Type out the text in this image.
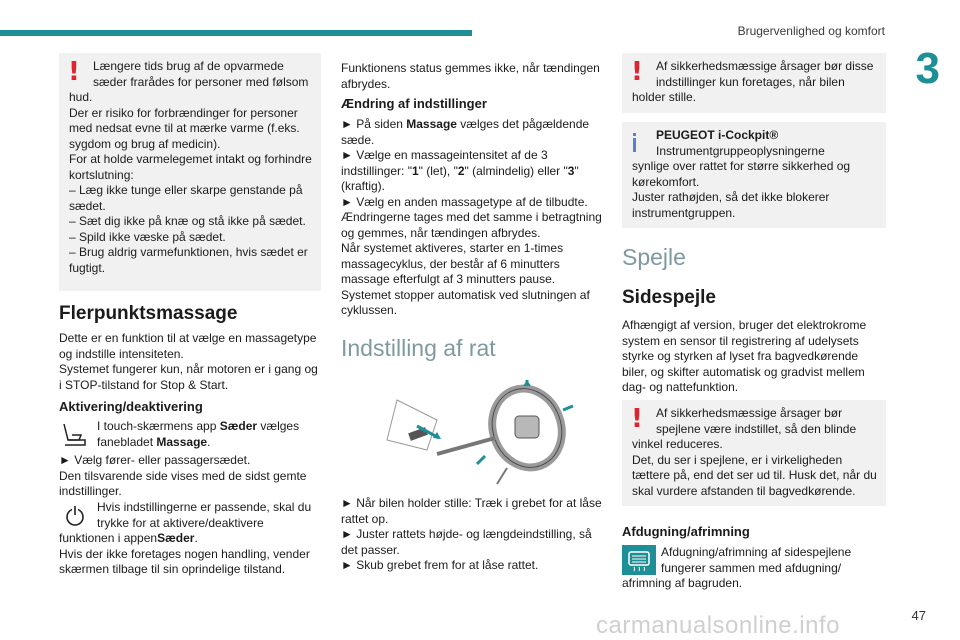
Brugervenlighed og komfort
3
!	Længere tids brug af de opvarmede sæder frarådes for personer med følsom

hud.

Der er risiko for forbrændinger for personer med nedsat evne til at mærke varme (f.eks. sygdom og brug af medicin).

For at holde varmelegemet intakt og forhindre kortslutning:

– Læg ikke tunge eller skarpe genstande på sædet.

– Sæt dig ikke på knæ og stå ikke på sædet.

– Spild ikke væske på sædet.

– Brug aldrig varmefunktionen, hvis sædet er fugtigt.

Flerpunktsmassage

Dette er en funktion til at vælge en massagetype og indstille intensiteten.

Systemet fungerer kun, når motoren er i gang og i STOP-tilstand for Stop & Start.

Aktivering/deaktivering
I touch-skærmens app Sæder vælges fanebladet Massage.

► Vælg fører- eller passagersædet.

Den tilsvarende side vises med de sidst gemte indstillinger.

Hvis indstillingerne er passende, skal du trykke for at aktivere/deaktivere funktionen i appenSæder.

Hvis der ikke foretages nogen handling, vender skærmen tilbage til sin oprindelige tilstand.

Funktionens status gemmes ikke, når tændingen afbrydes.

Ændring af indstillinger

► På siden Massage vælges det pågældende sæde.

► Vælge en massageintensitet af de 3 indstillinger: "1" (let), "2" (almindelig) eller "3" (kraftig).

► Vælg en anden massagetype af de tilbudte.

Ændringerne tages med det samme i betragtning og gemmes, når tændingen afbrydes.

Når systemet aktiveres, starter en 1-times massagecyklus, der består af 6 minutters massage efterfulgt af 3 minutters pause.

Systemet stopper automatisk ved slutningen af cyklussen.

Indstilling af rat

► Når bilen holder stille: Træk i grebet for at låse rattet op.

► Juster rattets højde- og længdeindstilling, så det passer.

► Skub grebet frem for at låse rattet.

!	Af sikkerhedsmæssige årsager bør disse indstillinger kun foretages, når bilen

holder stille.

PEUGEOT i-Cockpit®

Instrumentgruppeoplysningerne

synlige over rattet for større sikkerhed og kørekomfort.

Juster rathøjden, så det ikke blokerer instrumentgruppen.

Spejle
Sidespejle

Afhængigt af version, bruger det elektrokrome system en sensor til registrering af udelysets styrke og styrken af lyset fra bagvedkørende biler, og skifter automatisk og gradvist mellem dag- og nattefunktion.

!	Af sikkerhedsmæssige årsager bør spejlene være indstillet, så den blinde

vinkel reduceres.

Det, du ser i spejlene, er i virkeligheden tættere på, end det ser ud til. Husk det, når du skal vurdere afstanden til bagvedkørende.

Afdugning/afrimning
Afdugning/afrimning af sidespejlene fungerer sammen med afdugning/ afrimning af bagruden.
carmanualsonline.info	47
